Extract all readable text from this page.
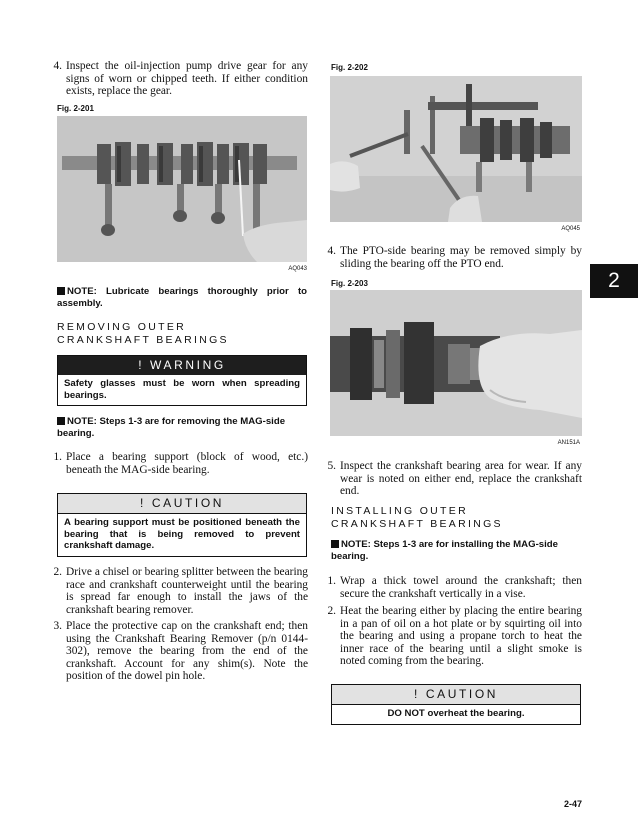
4. Inspect the oil-injection pump drive gear for any signs of worn or chipped teeth. If either condition exists, replace the gear.
Fig. 2-201
AQ043
NOTE: Lubricate bearings thoroughly prior to assembly.
REMOVING OUTER
CRANKSHAFT BEARINGS
! WARNING
Safety glasses must be worn when spreading bearings.
NOTE: Steps 1-3 are for removing the MAG-side bearing.
1. Place a bearing support (block of wood, etc.) beneath the MAG-side bearing.
! CAUTION
A bearing support must be positioned beneath the bearing that is being removed to prevent crankshaft damage.
2. Drive a chisel or bearing splitter between the bearing race and crankshaft counterweight until the bearing is spread far enough to install the jaws of the crankshaft bearing remover.
3. Place the protective cap on the crankshaft end; then using the Crankshaft Bearing Remover (p/n 0144-302), remove the bearing from the end of the crankshaft. Account for any shim(s). Note the position of the dowel pin hole.
Fig. 2-202
AQ045
4. The PTO-side bearing may be removed simply by sliding the bearing off the PTO end.
Fig. 2-203
AN151A
5. Inspect the crankshaft bearing area for wear. If any wear is noted on either end, replace the crankshaft end.
INSTALLING OUTER
CRANKSHAFT BEARINGS
NOTE: Steps 1-3 are for installing the MAG-side bearing.
1. Wrap a thick towel around the crankshaft; then secure the crankshaft vertically in a vise.
2. Heat the bearing either by placing the entire bearing in a pan of oil on a hot plate or by squirting oil into the bearing and using a propane torch to heat the inner race of the bearing until a slight smoke is noted coming from the bearing.
! CAUTION
DO NOT overheat the bearing.
2
2-47
